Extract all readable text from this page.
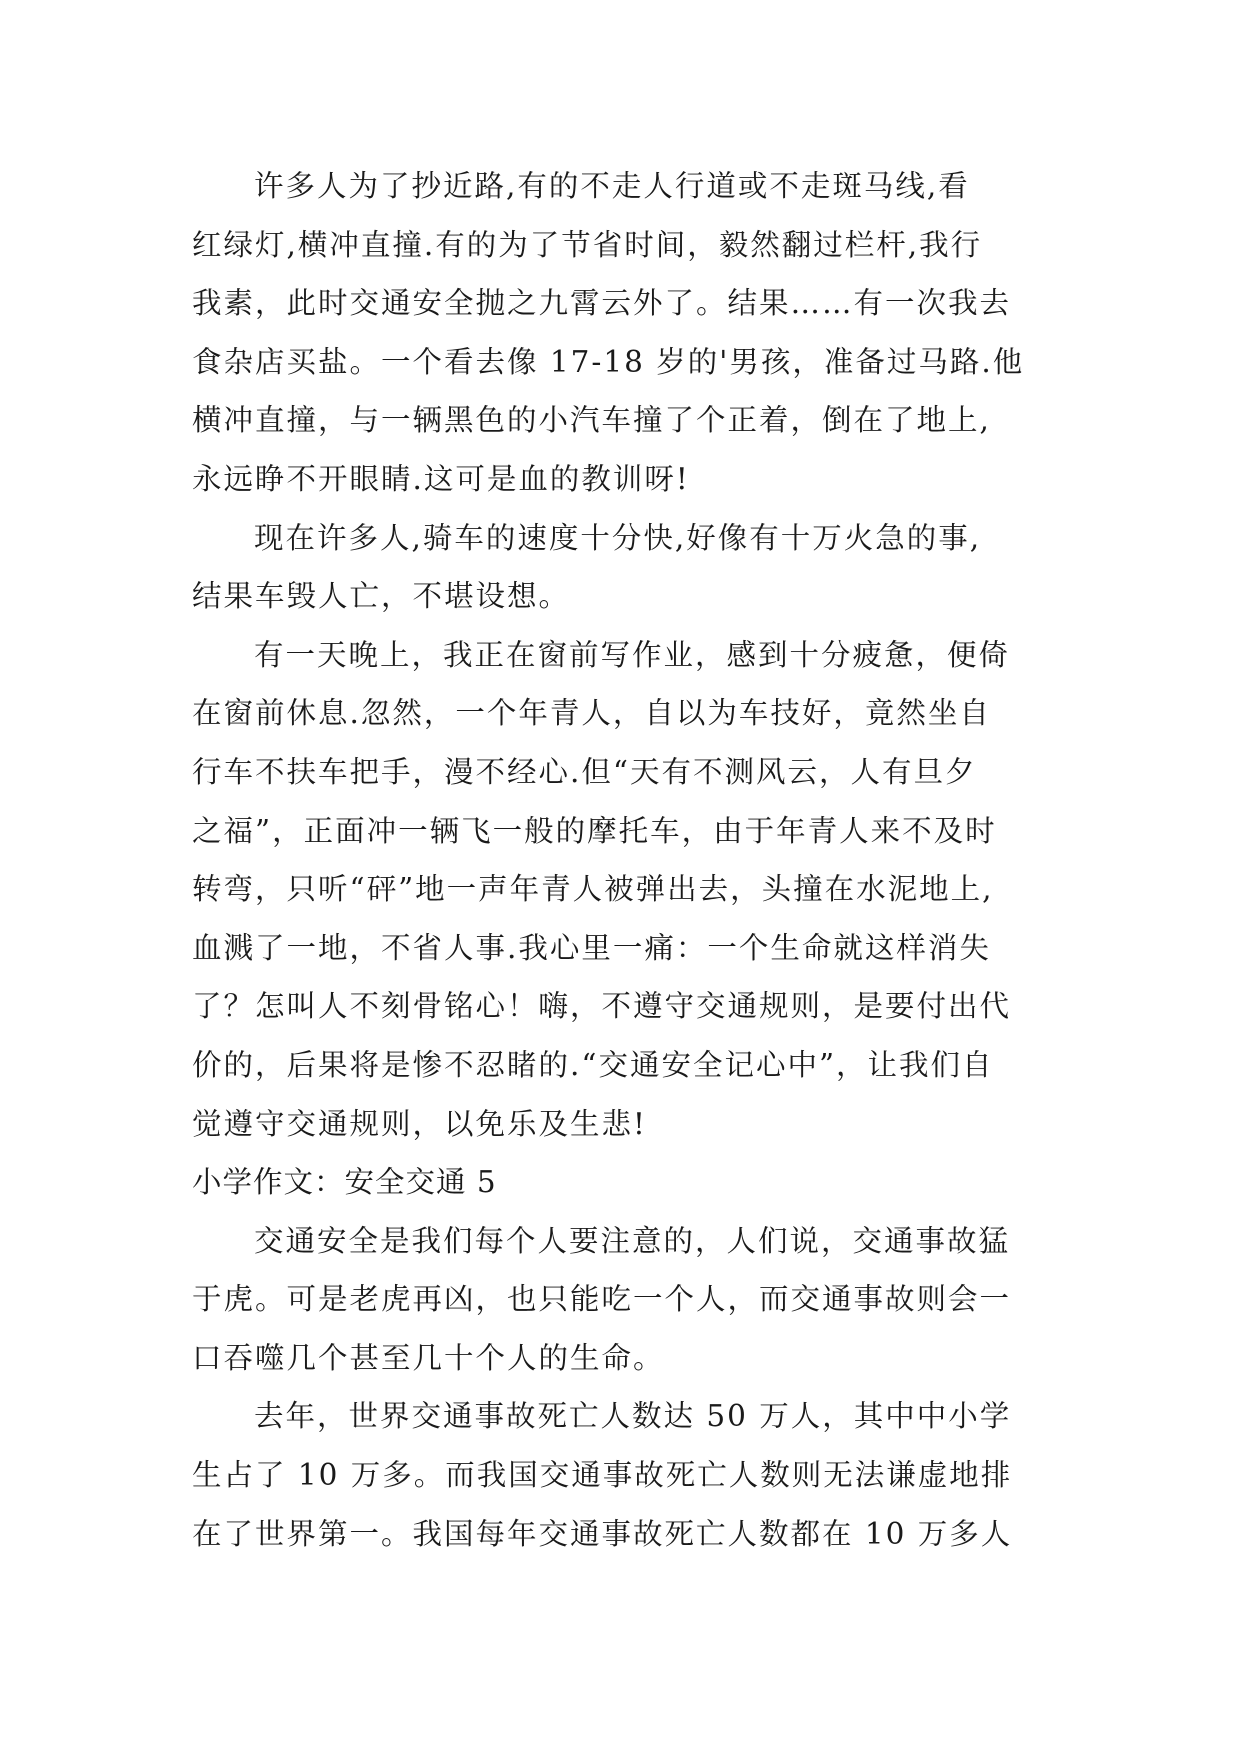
许多人为了抄近路,有的不走人行道或不走斑马线,看
红绿灯,横冲直撞.有的为了节省时间，毅然翻过栏杆,我行
我素，此时交通安全抛之九霄云外了。结果……有一次我去
食杂店买盐。一个看去像 17-18 岁的'男孩，准备过马路.他
横冲直撞，与一辆黑色的小汽车撞了个正着，倒在了地上,
永远睁不开眼睛.这可是血的教训呀!
现在许多人,骑车的速度十分快,好像有十万火急的事,
结果车毁人亡，不堪设想。
有一天晚上，我正在窗前写作业，感到十分疲惫，便倚
在窗前休息.忽然，一个年青人，自以为车技好，竟然坐自
行车不扶车把手，漫不经心.但“天有不测风云，人有旦夕
之福”，正面冲一辆飞一般的摩托车，由于年青人来不及时
转弯，只听“砰”地一声年青人被弹出去，头撞在水泥地上,
血溅了一地，不省人事.我心里一痛：一个生命就这样消失
了？怎叫人不刻骨铭心！嗨，不遵守交通规则，是要付出代
价的，后果将是惨不忍睹的.“交通安全记心中”，让我们自
觉遵守交通规则，以免乐及生悲!
小学作文：安全交通 5
交通安全是我们每个人要注意的，人们说，交通事故猛
于虎。可是老虎再凶，也只能吃一个人，而交通事故则会一
口吞噬几个甚至几十个人的生命。
去年，世界交通事故死亡人数达 50 万人，其中中小学
生占了 10 万多。而我国交通事故死亡人数则无法谦虚地排
在了世界第一。我国每年交通事故死亡人数都在 10 万多人
